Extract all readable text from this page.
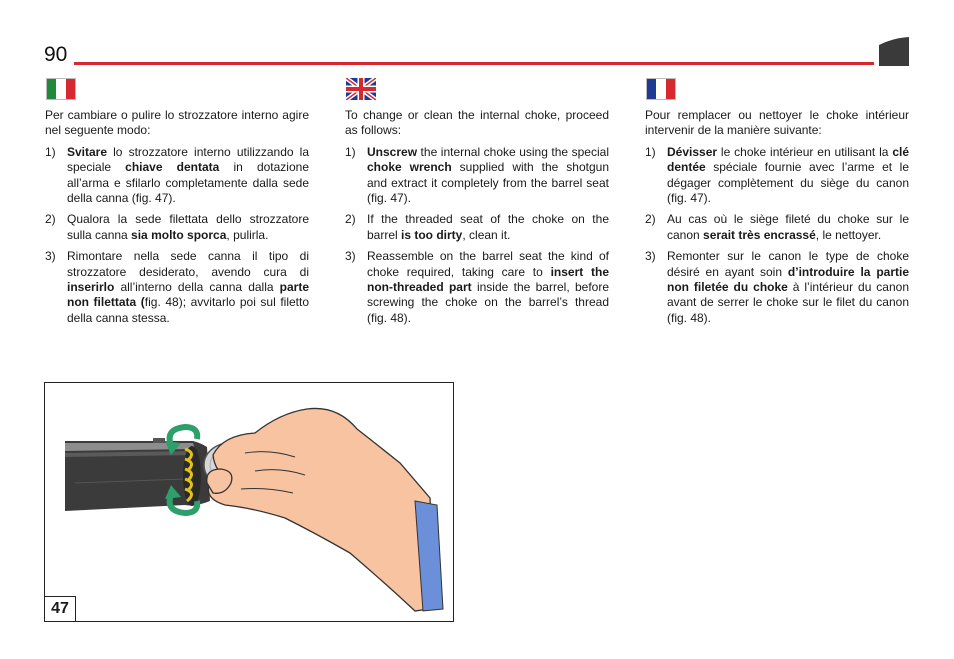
90

Per cambiare o pulire lo strozzatore interno agire nel seguente modo:

1) Svitare lo strozzatore interno utilizzando la speciale chiave dentata in dotazione all’arma e sfilarlo completamente dalla sede della canna (fig. 47).
2) Qualora la sede filettata dello strozzatore sulla canna sia molto sporca, pulirla.
3) Rimontare nella sede canna il tipo di strozzatore desiderato, avendo cura di inserirlo all’interno della canna dalla parte non filettata (fig. 48); avvitarlo poi sul filetto della canna stessa.

To change or clean the internal choke, proceed as follows:

1) Unscrew the internal choke using the special choke wrench supplied with the shotgun and extract it completely from the barrel seat (fig. 47).
2) If the threaded seat of the choke on the barrel is too dirty, clean it.
3) Reassemble on the barrel seat the kind of choke required, taking care to insert the non-threaded part inside the barrel, before screwing the choke on the barrel’s thread (fig. 48).

Pour remplacer ou nettoyer le choke intérieur intervenir de la manière suivante:

1) Dévisser le choke intérieur en utilisant la clé dentée spéciale fournie avec l’arme et le dégager complètement du siège du canon (fig. 47).
2) Au cas où le siège fileté du choke sur le canon serait très encrassé, le nettoyer.
3) Remonter sur le canon le type de choke désiré en ayant soin d’introduire la partie non filetée du choke à l’intérieur du canon avant de serrer le choke sur le filet du canon (fig. 48).
47
